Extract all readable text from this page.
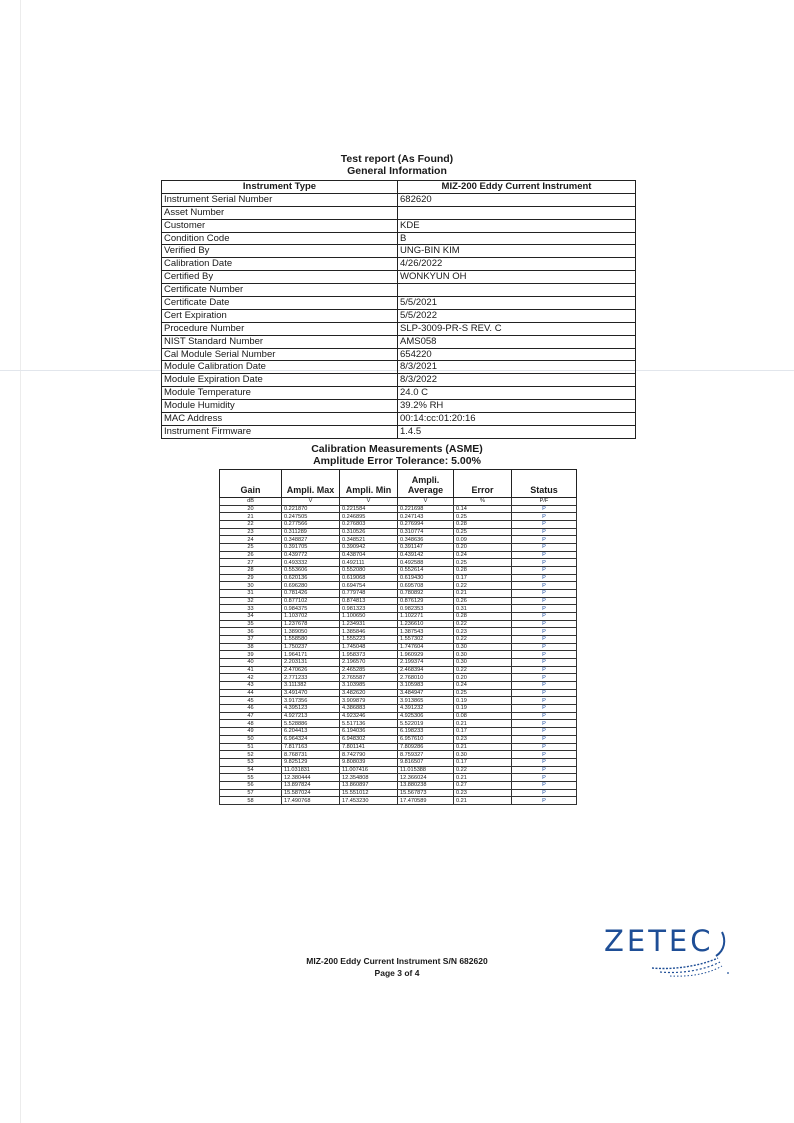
Test report (As Found)
General Information
Instrument Type	MIZ-200 Eddy Current Instrument
Instrument Serial Number	682620
Asset Number	
Customer	KDE
Condition Code	B
Verified By	UNG-BIN KIM
Calibration Date	4/26/2022
Certified By	WONKYUN OH
Certificate Number	
Certificate Date	5/5/2021
Cert Expiration	5/5/2022
Procedure Number	SLP-3009-PR-S REV. C
NIST Standard Number	AMS058
Cal Module Serial Number	654220
Module Calibration Date	8/3/2021
Module Expiration Date	8/3/2022
Module Temperature	24.0 C
Module Humidity	39.2% RH
MAC Address	00:14:cc:01:20:16
Instrument Firmware	1.4.5
Calibration Measurements (ASME)
Amplitude Error Tolerance: 5.00%
Gain	Ampli. Max	Ampli. Min	Ampli. Average	Error	Status
dB	V	V	V	%	P/F
20	0.221870	0.221584	0.221698	0.14	P
21	0.247505	0.246895	0.247143	0.25	P
22	0.277566	0.276803	0.276994	0.28	P
23	0.311289	0.310526	0.310774	0.25	P
24	0.348827	0.348521	0.348636	0.09	P
25	0.391705	0.390942	0.391147	0.20	P
26	0.439772	0.438704	0.439142	0.24	P
27	0.493332	0.492111	0.492588	0.25	P
28	0.553606	0.552080	0.552614	0.28	P
29	0.620136	0.619068	0.619430	0.17	P
30	0.696280	0.694754	0.695708	0.22	P
31	0.781426	0.779748	0.780892	0.21	P
32	0.877102	0.874813	0.876129	0.26	P
33	0.984375	0.981323	0.982353	0.31	P
34	1.103702	1.100650	1.102271	0.28	P
35	1.237678	1.234931	1.236610	0.22	P
36	1.389050	1.385846	1.387543	0.23	P
37	1.558580	1.555223	1.557302	0.22	P
38	1.750237	1.745048	1.747604	0.30	P
39	1.964171	1.958373	1.960929	0.30	P
40	2.203131	2.196570	2.199374	0.30	P
41	2.470626	2.465285	2.468394	0.22	P
42	2.771233	2.765587	2.768010	0.20	P
43	3.111382	3.103985	3.105983	0.24	P
44	3.491470	3.482620	3.484947	0.25	P
45	3.917356	3.909879	3.913865	0.19	P
46	4.395123	4.386883	4.391232	0.19	P
47	4.927213	4.923246	4.925306	0.08	P
48	5.528886	5.517136	5.522019	0.21	P
49	6.204413	6.194036	6.198233	0.17	P
50	6.964324	6.948302	6.957610	0.23	P
51	7.817163	7.801141	7.809286	0.21	P
52	8.768731	8.742790	8.759327	0.30	P
53	9.825129	9.808039	9.816507	0.17	P
54	11.031831	11.007416	11.015388	0.22	P
55	12.380444	12.354808	12.366024	0.21	P
56	13.897824	13.860897	13.880238	0.27	P
57	15.587024	15.551012	15.567873	0.23	P
58	17.490768	17.453230	17.470589	0.21	P
MIZ-200 Eddy Current Instrument S/N 682620
Page 3 of 4
ZETEC
